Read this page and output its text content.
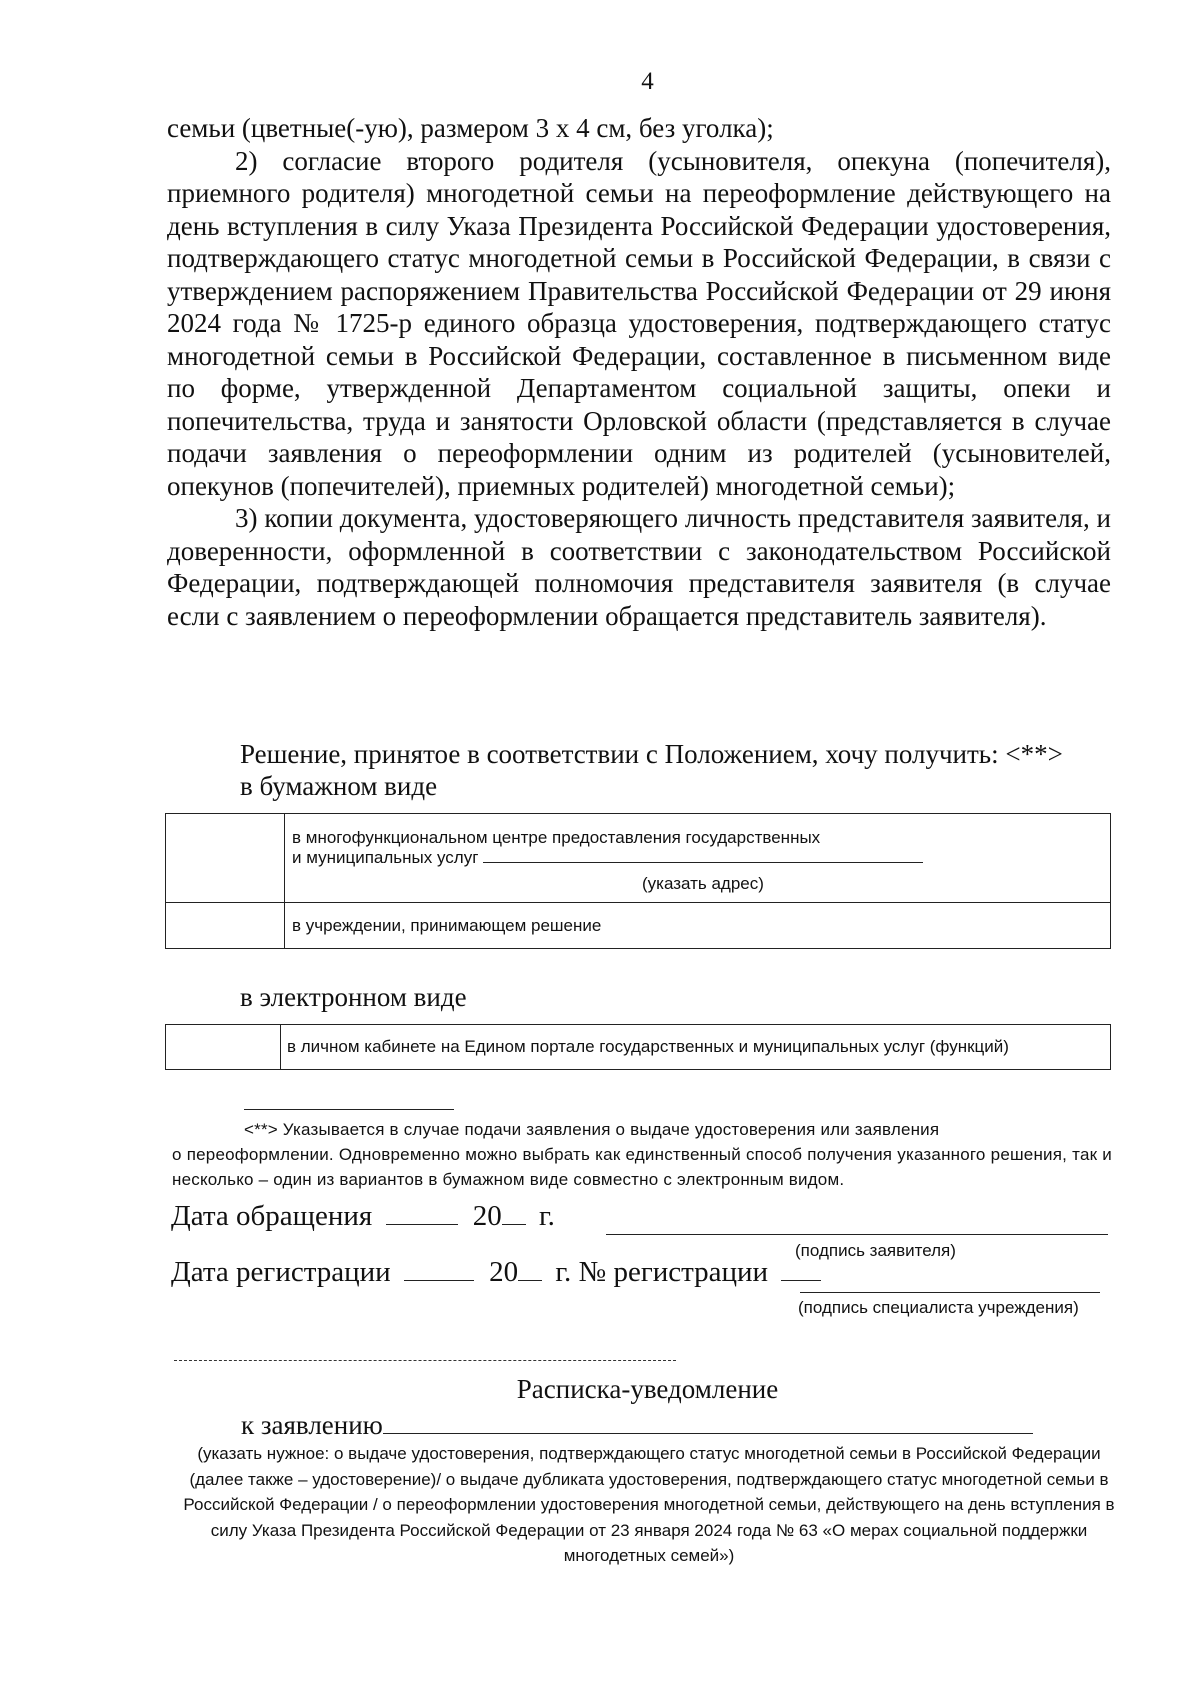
4

семьи (цветные(-ую), размером 3 х 4 см, без уголка);

2) согласие второго родителя (усыновителя, опекуна (попечителя), приемного родителя) многодетной семьи на переоформление действующего на день вступления в силу Указа Президента Российской Федерации удостоверения, подтверждающего статус многодетной семьи в Российской Федерации, в связи с утверждением распоряжением Правительства Российской Федерации от 29 июня 2024 года № 1725-р единого образца удостоверения, подтверждающего статус многодетной семьи в Российской Федерации, составленное в письменном виде по форме, утвержденной Департаментом социальной защиты, опеки и попечительства, труда и занятости Орловской области (представляется в случае подачи заявления о переоформлении одним из родителей (усыновителей, опекунов (попечителей), приемных родителей) многодетной семьи);

3) копии документа, удостоверяющего личность представителя заявителя, и доверенности, оформленной в соответствии с законодательством Российской Федерации, подтверждающей полномочия представителя заявителя (в случае если с заявлением о переоформлении обращается представитель заявителя).

Решение, принятое в соответствии с Положением, хочу получить: <**>
в бумажном виде

	в многофункциональном центре предоставления государственных
и муниципальных услуг
(указать адрес)

	в учреждении, принимающем решение
в электронном виде

в личном кабинете на Едином портале государственных и муниципальных услуг (функций)
<**> Указывается в случае подачи заявления о выдаче удостоверения или заявления
о переоформлении. Одновременно можно выбрать как единственный способ получения указанного решения, так и несколько – один из вариантов в бумажном виде совместно с электронным видом.
Дата обращения	20 г.
(подпись заявителя)
Дата регистрации	20 г. № регистрации
(подпись специалиста учреждения)
Расписка-уведомление
к заявлению
(указать нужное: о выдаче удостоверения, подтверждающего статус многодетной семьи в Российской Федерации (далее также – удостоверение)/ о выдаче дубликата удостоверения, подтверждающего статус многодетной семьи в Российской Федерации / о переоформлении удостоверения многодетной семьи, действующего на день вступления в силу Указа Президента Российской Федерации от 23 января 2024 года № 63 «О мерах социальной поддержки многодетных семей»)
